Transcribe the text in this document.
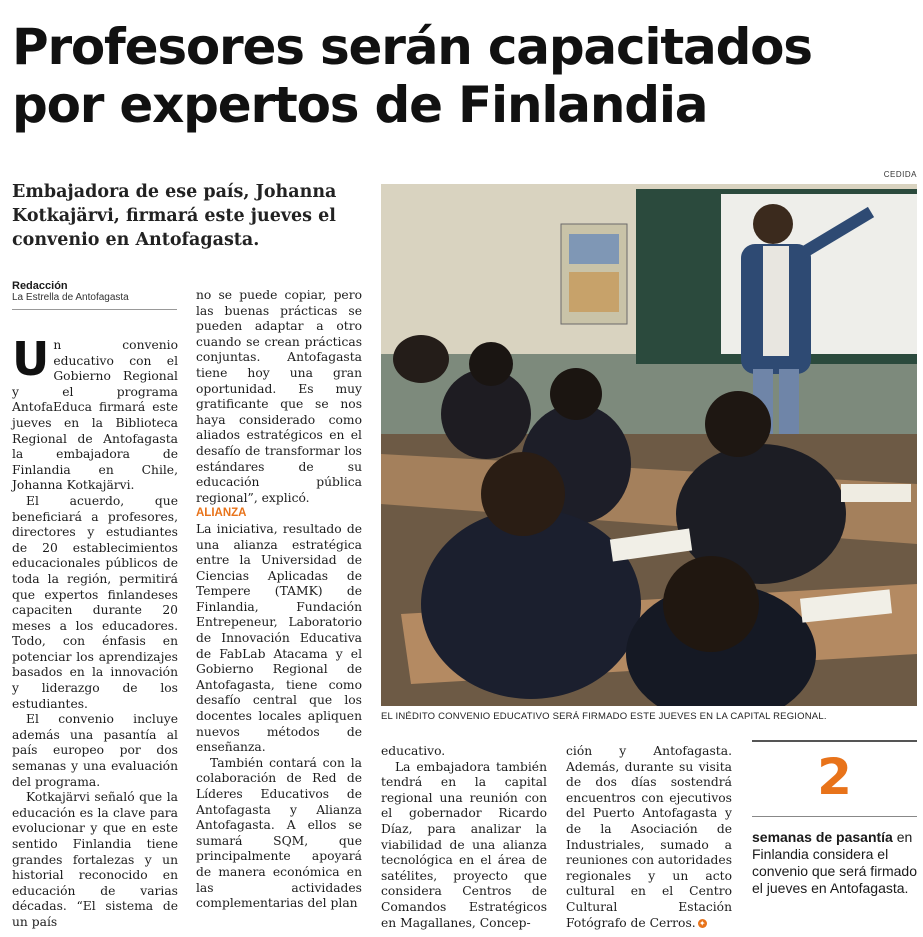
Profesores serán capacitados por expertos de Finlandia
CEDIDA

Embajadora de ese país, Johanna Kotkajärvi, firmará este jueves el convenio en Antofagasta.

Redacción
La Estrella de Antofagasta

Un convenio educativo con el Gobierno Regional y el programa AntofaEduca firmará este jueves en la Biblioteca Regional de Antofagasta la embajadora de Finlandia en Chile, Johanna Kotkajärvi.

El acuerdo, que beneficiará a profesores, directores y estudiantes de 20 establecimientos educacionales públicos de toda la región, permitirá que expertos finlandeses capaciten durante 20 meses a los educadores. Todo, con énfasis en potenciar los aprendizajes basados en la innovación y liderazgo de los estudiantes.

El convenio incluye además una pasantía al país europeo por dos semanas y una evaluación del programa.

Kotkajärvi señaló que la educación es la clave para evolucionar y que en este sentido Finlandia tiene grandes fortalezas y un historial reconocido en educación de varias décadas. “El sistema de un país

no se puede copiar, pero las buenas prácticas se pueden adaptar a otro cuando se crean prácticas conjuntas. Antofagasta tiene hoy una gran oportunidad. Es muy gratificante que se nos haya considerado como aliados estratégicos en el desafío de transformar los estándares de su educación pública regional”, explicó.

ALIANZA

La iniciativa, resultado de una alianza estratégica entre la Universidad de Ciencias Aplicadas de Tempere (TAMK) de Finlandia, Fundación Entrepeneur, Laboratorio de Innovación Educativa de FabLab Atacama y el Gobierno Regional de Antofagasta, tiene como desafío central que los docentes locales apliquen nuevos métodos de enseñanza.

También contará con la colaboración de Red de Líderes Educativos de Antofagasta y Alianza Antofagasta. A ellos se sumará SQM, que principalmente apoyará de manera económica en las actividades complementarias del plan

EL INÉDITO CONVENIO EDUCATIVO SERÁ FIRMADO ESTE JUEVES EN LA CAPITAL REGIONAL.

educativo.

La embajadora también tendrá en la capital regional una reunión con el gobernador Ricardo Díaz, para analizar la viabilidad de una alianza tecnológica en el área de satélites, proyecto que considera Centros de Comandos Estratégicos en Magallanes, Concep-

ción y Antofagasta. Además, durante su visita de dos días sostendrá encuentros con ejecutivos del Puerto Antofagasta y de la Asociación de Industriales, sumado a reuniones con autoridades regionales y un acto cultural en el Centro Cultural Estación Fotógrafo de Cerros. ✦

2
semanas de pasantía en Finlandia considera el convenio que será firmado el jueves en Antofagasta.
